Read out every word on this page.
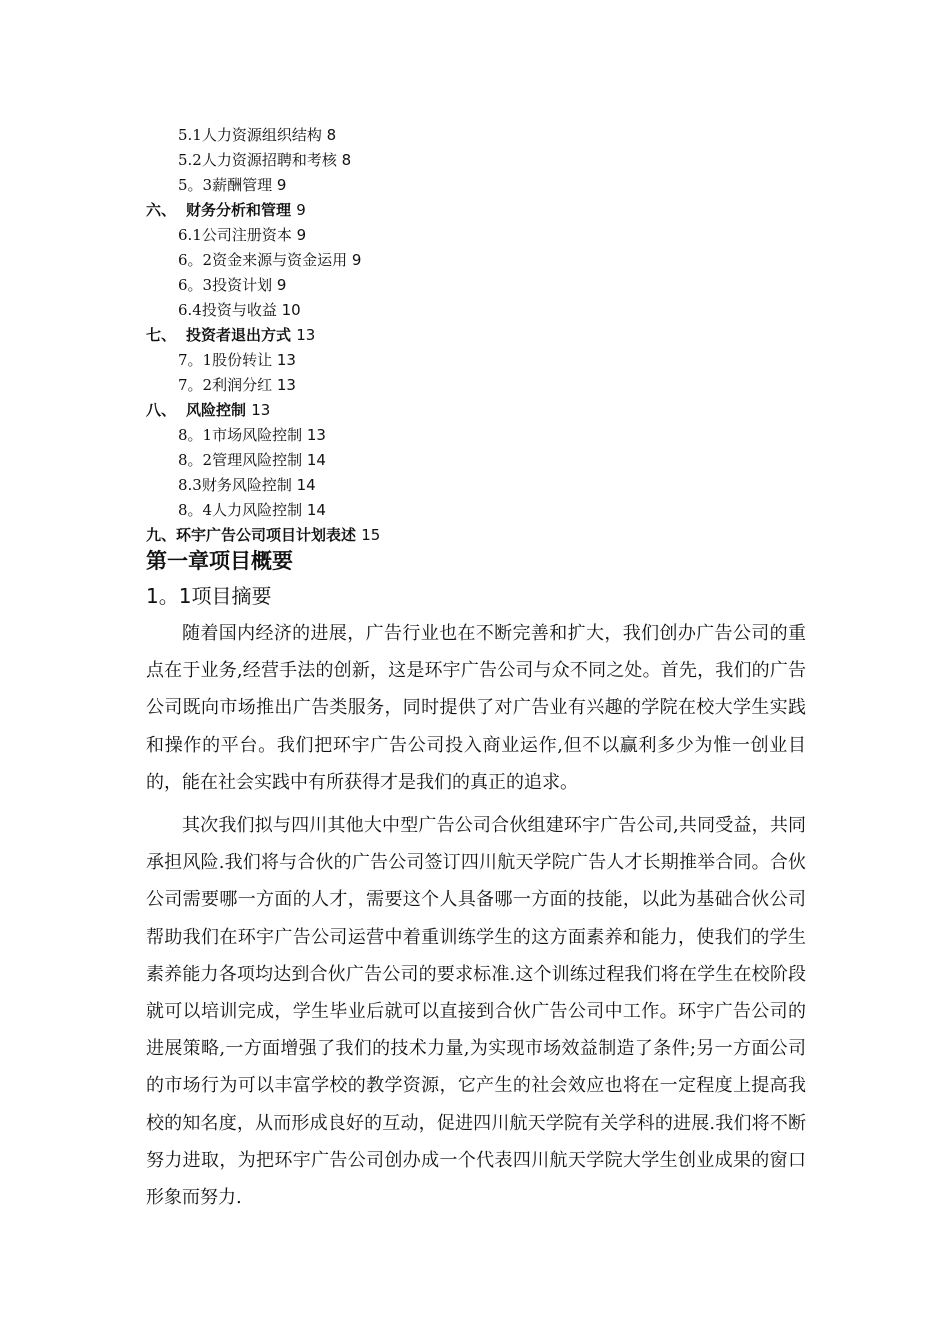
5.1人力资源组织结构 8
5.2人力资源招聘和考核 8
5。3薪酬管理 9
六、 财务分析和管理 9
6.1公司注册资本 9
6。2资金来源与资金运用 9
6。3投资计划 9
6.4投资与收益 10
七、 投资者退出方式 13
7。1股份转让 13
7。2利润分红 13
八、 风险控制 13
8。1市场风险控制 13
8。2管理风险控制 14
8.3财务风险控制 14
8。4人力风险控制 14
九、环宇广告公司项目计划表述 15
第一章项目概要
1。1项目摘要

随着国内经济的进展，广告行业也在不断完善和扩大，我们创办广告公司的重点在于业务,经营手法的创新，这是环宇广告公司与众不同之处。首先，我们的广告公司既向市场推出广告类服务，同时提供了对广告业有兴趣的学院在校大学生实践和操作的平台。我们把环宇广告公司投入商业运作,但不以赢利多少为惟一创业目的，能在社会实践中有所获得才是我们的真正的追求。

其次我们拟与四川其他大中型广告公司合伙组建环宇广告公司,共同受益，共同承担风险.我们将与合伙的广告公司签订四川航天学院广告人才长期推举合同。合伙公司需要哪一方面的人才，需要这个人具备哪一方面的技能，以此为基础合伙公司帮助我们在环宇广告公司运营中着重训练学生的这方面素养和能力，使我们的学生素养能力各项均达到合伙广告公司的要求标准.这个训练过程我们将在学生在校阶段就可以培训完成，学生毕业后就可以直接到合伙广告公司中工作。环宇广告公司的进展策略,一方面增强了我们的技术力量,为实现市场效益制造了条件;另一方面公司的市场行为可以丰富学校的教学资源，它产生的社会效应也将在一定程度上提高我校的知名度，从而形成良好的互动，促进四川航天学院有关学科的进展.我们将不断努力进取，为把环宇广告公司创办成一个代表四川航天学院大学生创业成果的窗口形象而努力.
